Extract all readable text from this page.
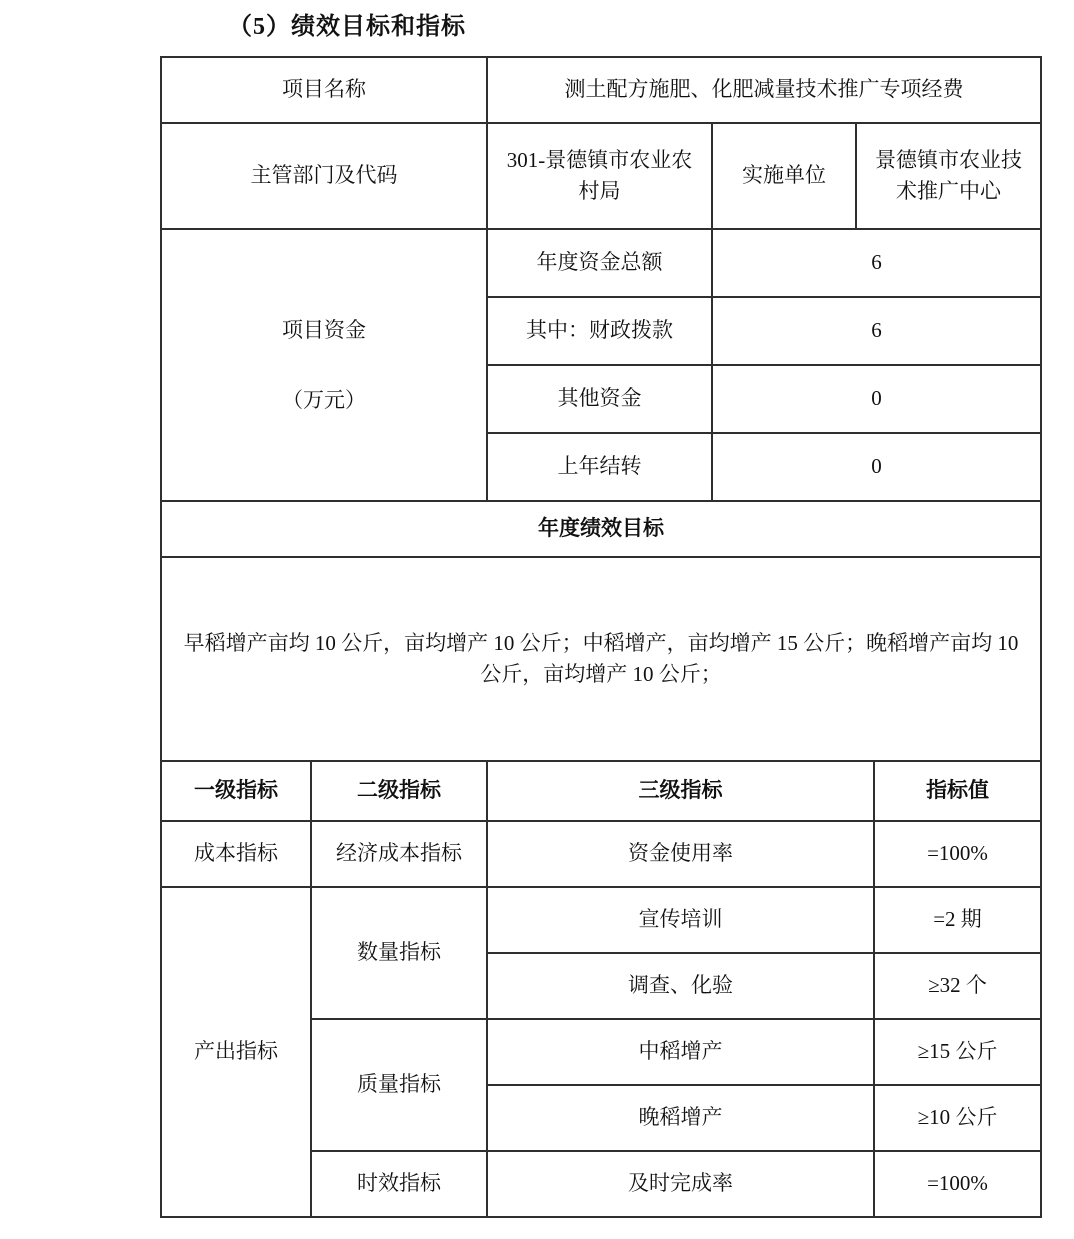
（5）绩效目标和指标
项目名称		测土配方施肥、化肥减量技术推广专项经费			
主管部门及代码		301-景德镇市农业农村局	实施单位	景德镇市农业技术推广中心	

项目资金
（万元）		年度资金总额	6		
		其中：财政拨款	6		
		其他资金	0		
		上年结转	0		
年度绩效目标					
早稻增产亩均 10 公斤，亩均增产 10 公斤；中稻增产，亩均增产 15 公斤；晚稻增产亩均 10 公斤，亩均增产 10 公斤；					
一级指标	二级指标	三级指标			指标值
成本指标	经济成本指标	资金使用率			=100%
产出指标	数量指标	宣传培训			=2 期
		调查、化验			≥32 个
	质量指标	中稻增产			≥15 公斤
		晚稻增产			≥10 公斤
	时效指标	及时完成率			=100%
